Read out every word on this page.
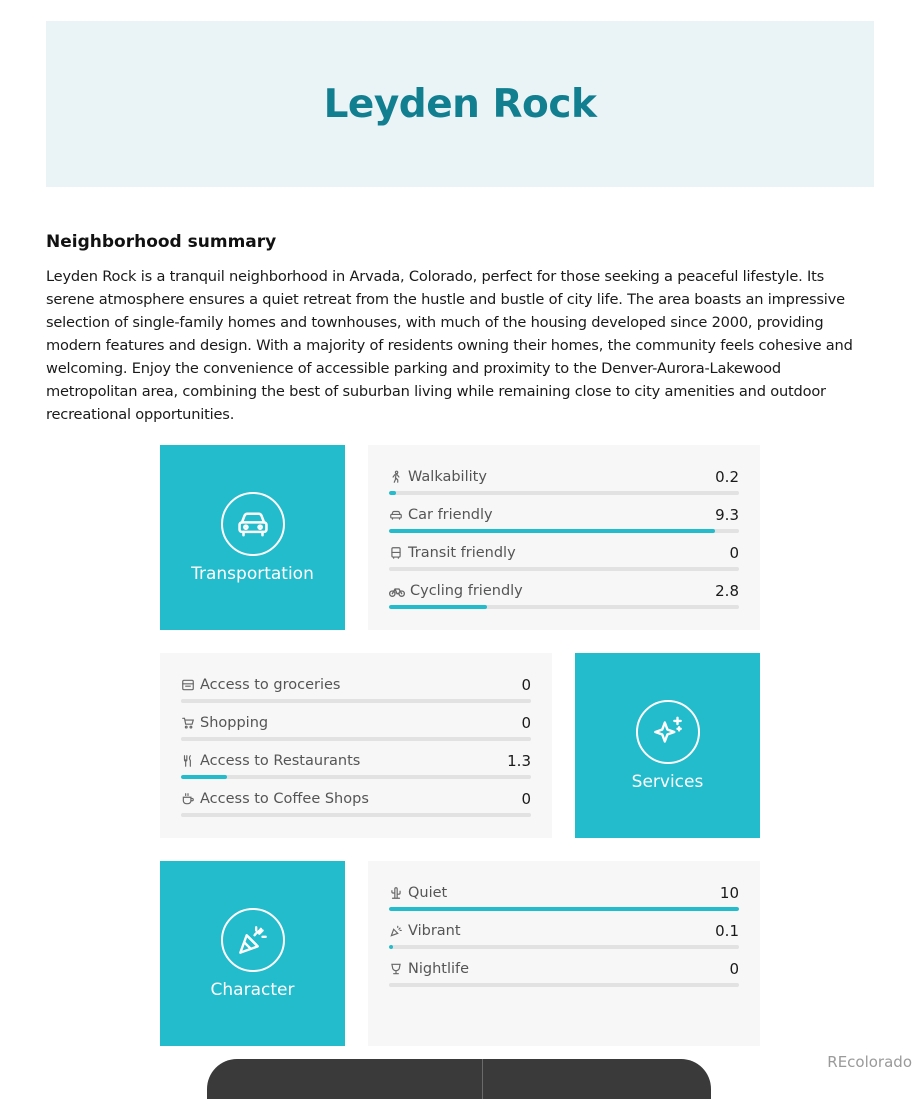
Leyden Rock
Neighborhood summary

Leyden Rock is a tranquil neighborhood in Arvada, Colorado, perfect for those seeking a peaceful lifestyle. Its serene atmosphere ensures a quiet retreat from the hustle and bustle of city life. The area boasts an impressive selection of single-family homes and townhouses, with much of the housing developed since 2000, providing modern features and design. With a majority of residents owning their homes, the community feels cohesive and welcoming. Enjoy the convenience of accessible parking and proximity to the Denver-Aurora-Lakewood metropolitan area, combining the best of suburban living while remaining close to city amenities and outdoor recreational opportunities.

Transportation
Walkability	0.2
Car friendly	9.3
Transit friendly	0
Cycling friendly	2.8
Access to groceries	0
Shopping	0
Access to Restaurants	1.3
Access to Coffee Shops	0
Services
Character
Quiet	10
Vibrant	0.1
Nightlife	0
REcolorado
